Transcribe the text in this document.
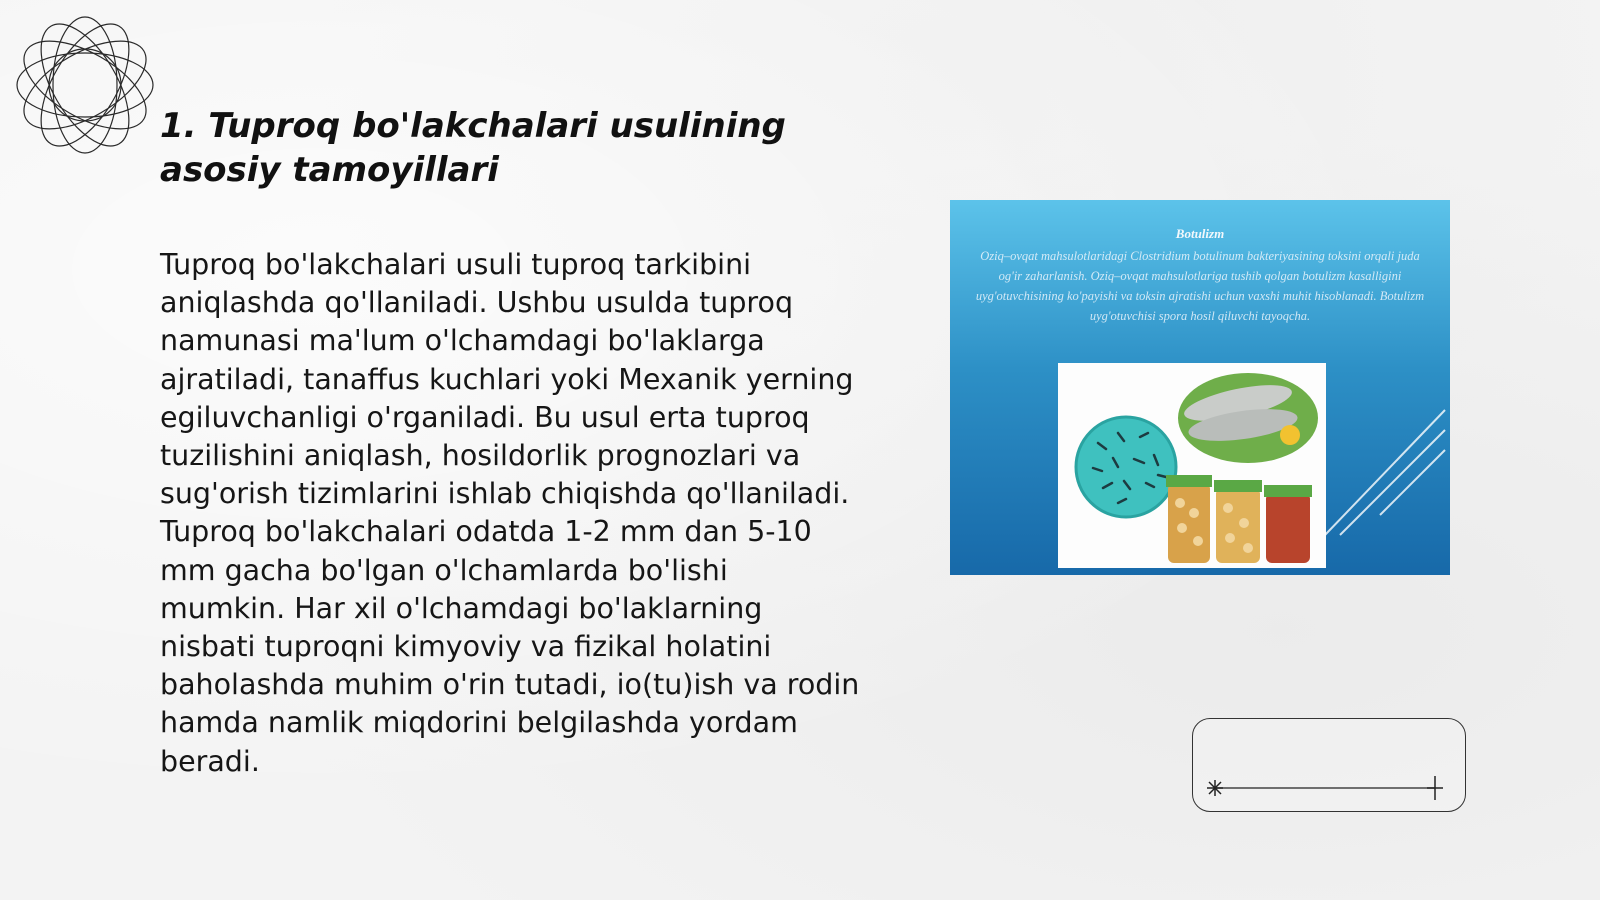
1. Tuproq bo'lakchalari usulining
asosiy tamoyillari

Tuproq bo'lakchalari usuli tuproq tarkibini aniqlashda qo'llaniladi. Ushbu usulda tuproq namunasi ma'lum o'lchamdagi bo'laklarga ajratiladi, tanaffus kuchlari yoki Mexanik yerning egiluvchanligi o'rganiladi. Bu usul erta tuproq tuzilishini aniqlash, hosildorlik prognozlari va sug'orish tizimlarini ishlab chiqishda qo'llaniladi. Tuproq bo'lakchalari odatda 1-2 mm dan 5-10 mm gacha bo'lgan o'lchamlarda bo'lishi mumkin. Har xil o'lchamdagi bo'laklarning nisbati tuproqni kimyoviy va fizikal holatini baholashda muhim o'rin tutadi, io(tu)ish va rodin hamda namlik miqdorini belgilashda yordam beradi.

Botulizm
Oziq–ovqat mahsulotlaridagi Clostridium botulinum bakteriyasining toksini orqali juda og'ir zaharlanish. Oziq–ovqat mahsulotlariga tushib qolgan botulizm kasalligini uyg'otuvchisining ko'payishi va toksin ajratishi uchun vaxshi muhit hisoblanadi. Botulizm uyg'otuvchisi spora hosil qiluvchi tayoqcha.
